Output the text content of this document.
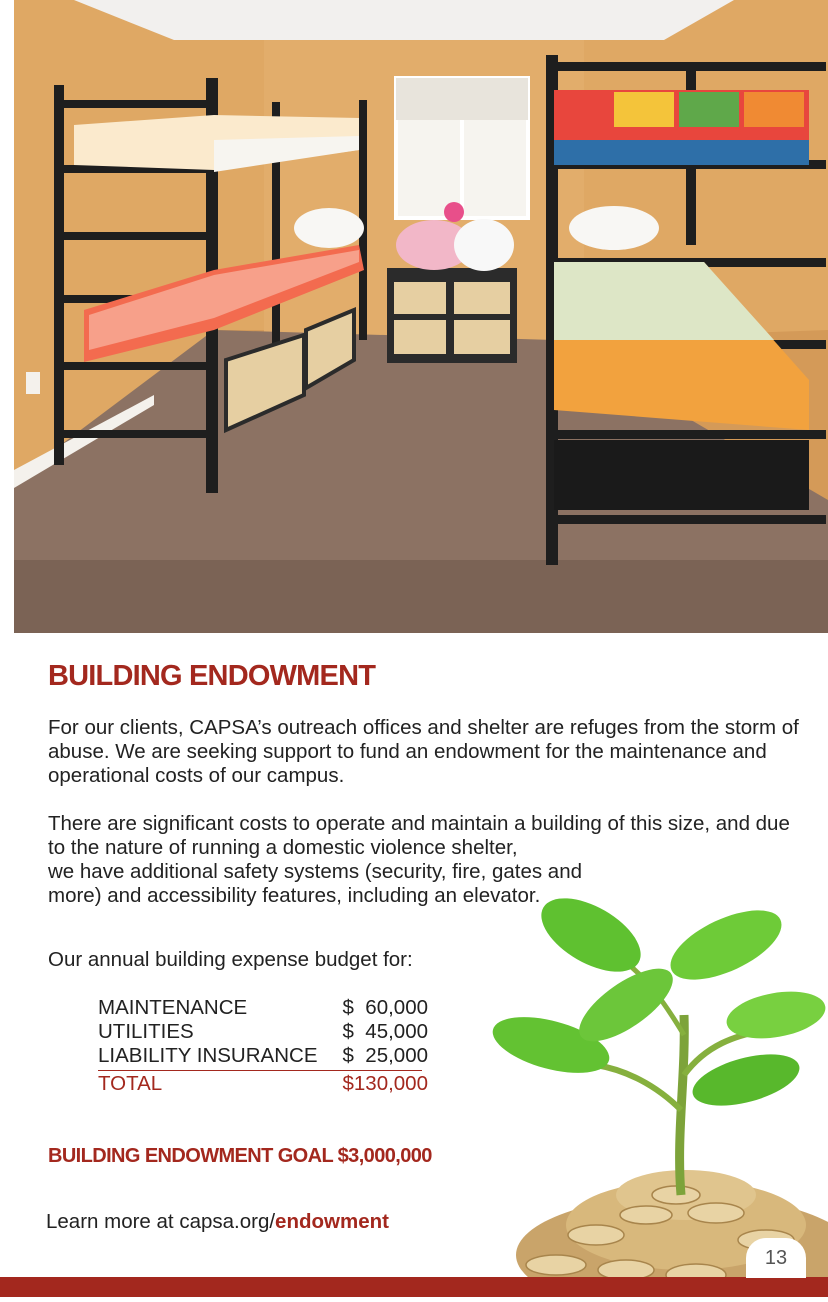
BUILDING ENDOWMENT

For our clients, CAPSA’s outreach offices and shelter are refuges from the storm of abuse. We are seeking support to fund an endowment for the maintenance and operational costs of our campus.

There are significant costs to operate and maintain a building of this size, and due to the nature of running a domestic violence shelter,
we have additional safety systems (security, fire, gates and more) and accessibility features, including an elevator.

Our annual building expense budget for:

MAINTENANCE	$  60,000
UTILITIES	$  45,000
LIABILITY INSURANCE $  25,000
TOTAL	$130,000
BUILDING ENDOWMENT GOAL $3,000,000
Learn more at capsa.org/endowment
13
